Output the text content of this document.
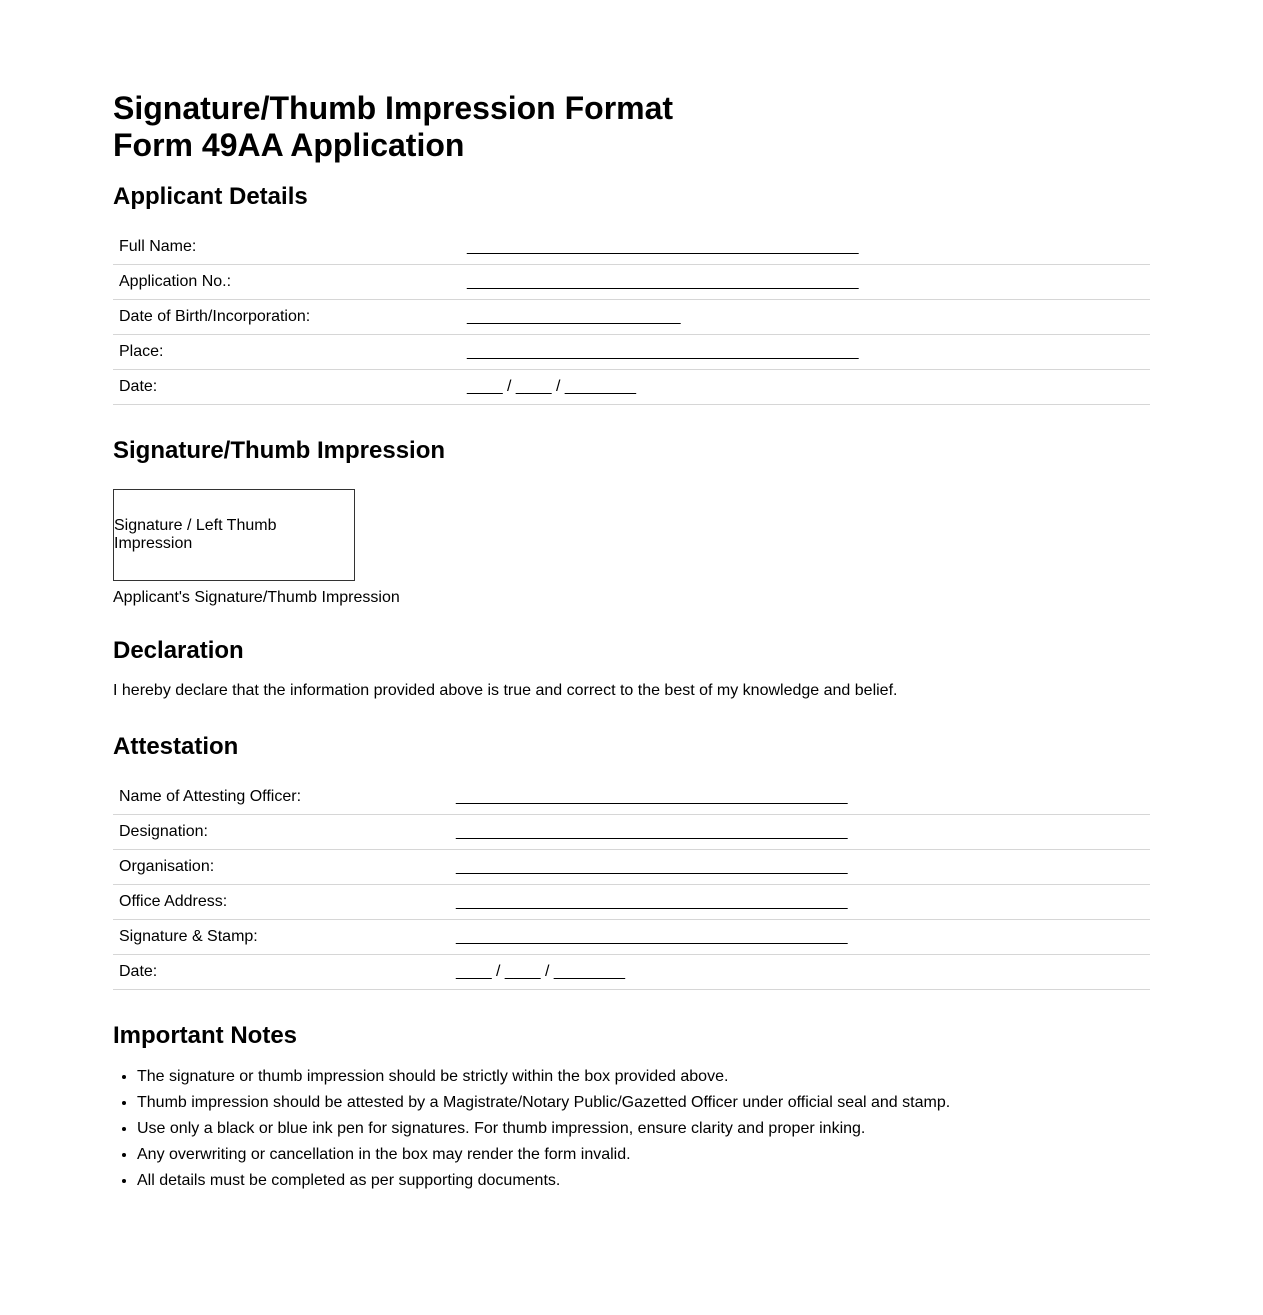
Signature/Thumb Impression Format
Form 49AA Application
Applicant Details
Full Name:	____________________________________________
Application No.:	____________________________________________
Date of Birth/Incorporation:	________________________
Place:	____________________________________________
Date:	____ / ____ / ________
Signature/Thumb Impression
Signature / Left Thumb Impression
Applicant's Signature/Thumb Impression
Declaration

I hereby declare that the information provided above is true and correct to the best of my knowledge and belief.

Attestation
Name of Attesting Officer:	____________________________________________
Designation:	____________________________________________
Organisation:	____________________________________________
Office Address:	____________________________________________
Signature & Stamp:	____________________________________________
Date:	____ / ____ / ________
Important Notes
• The signature or thumb impression should be strictly within the box provided above.
• Thumb impression should be attested by a Magistrate/Notary Public/Gazetted Officer under official seal and stamp.
• Use only a black or blue ink pen for signatures. For thumb impression, ensure clarity and proper inking.
• Any overwriting or cancellation in the box may render the form invalid.
• All details must be completed as per supporting documents.
